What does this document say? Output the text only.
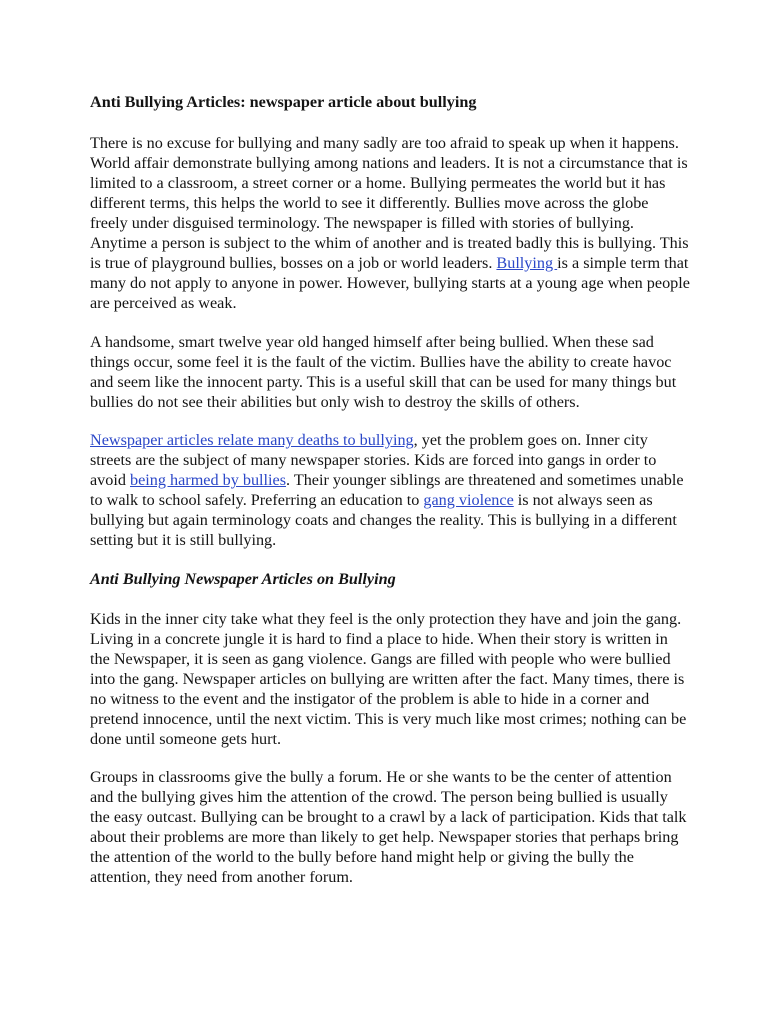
Anti Bullying Articles: newspaper article about bullying

There is no excuse for bullying and many sadly are too afraid to speak up when it happens. World affair demonstrate bullying among nations and leaders. It is not a circumstance that is limited to a classroom, a street corner or a home. Bullying permeates the world but it has different terms, this helps the world to see it differently. Bullies move across the globe freely under disguised terminology. The newspaper is filled with stories of bullying. Anytime a person is subject to the whim of another and is treated badly this is bullying. This is true of playground bullies, bosses on a job or world leaders. Bullying is a simple term that many do not apply to anyone in power. However, bullying starts at a young age when people are perceived as weak.

A handsome, smart twelve year old hanged himself after being bullied. When these sad things occur, some feel it is the fault of the victim. Bullies have the ability to create havoc and seem like the innocent party. This is a useful skill that can be used for many things but bullies do not see their abilities but only wish to destroy the skills of others.

Newspaper articles relate many deaths to bullying, yet the problem goes on. Inner city streets are the subject of many newspaper stories. Kids are forced into gangs in order to avoid being harmed by bullies. Their younger siblings are threatened and sometimes unable to walk to school safely. Preferring an education to gang violence is not always seen as bullying but again terminology coats and changes the reality. This is bullying in a different setting but it is still bullying.

Anti Bullying Newspaper Articles on Bullying

Kids in the inner city take what they feel is the only protection they have and join the gang. Living in a concrete jungle it is hard to find a place to hide. When their story is written in the Newspaper, it is seen as gang violence. Gangs are filled with people who were bullied into the gang. Newspaper articles on bullying are written after the fact. Many times, there is no witness to the event and the instigator of the problem is able to hide in a corner and pretend innocence, until the next victim. This is very much like most crimes; nothing can be done until someone gets hurt.

Groups in classrooms give the bully a forum. He or she wants to be the center of attention and the bullying gives him the attention of the crowd. The person being bullied is usually the easy outcast. Bullying can be brought to a crawl by a lack of participation. Kids that talk about their problems are more than likely to get help. Newspaper stories that perhaps bring the attention of the world to the bully before hand might help or giving the bully the attention, they need from another forum.
